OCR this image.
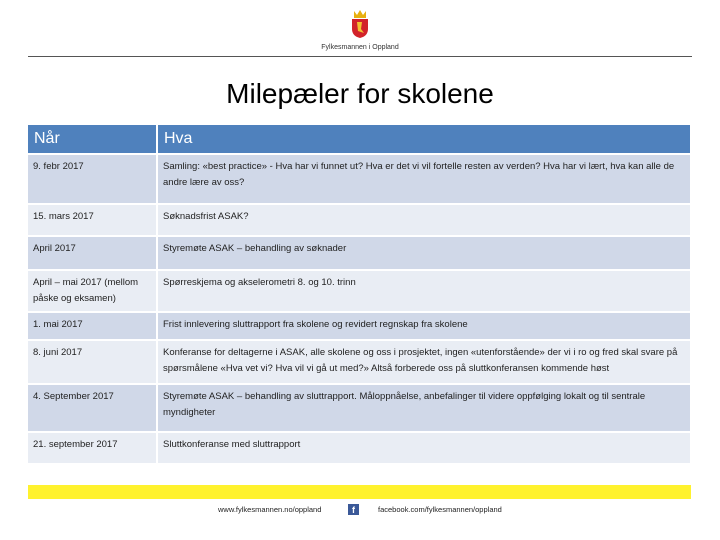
Fylkesmannen i Oppland
Milepæler for skolene
Når	Hva
9. febr 2017	Samling: «best practice» - Hva har vi funnet ut? Hva er det vi vil fortelle resten av verden? Hva har vi lært, hva kan alle de andre lære av oss?
15. mars 2017	Søknadsfrist ASAK?
April 2017	Styremøte ASAK – behandling av søknader
April – mai 2017 (mellom påske og eksamen)	Spørreskjema og akselerometri 8. og 10. trinn
1. mai 2017	Frist innlevering sluttrapport fra skolene og revidert regnskap fra skolene
8. juni 2017	Konferanse for deltagerne i ASAK, alle skolene og oss i prosjektet, ingen «utenforstående» der vi i ro og fred skal svare på spørsmålene «Hva vet vi? Hva vil vi gå ut med?» Altså forberede oss på sluttkonferansen kommende høst
4. September 2017	Styremøte ASAK – behandling av sluttrapport. Måloppnåelse, anbefalinger til videre oppfølging lokalt og til sentrale myndigheter
21. september 2017	Sluttkonferanse med sluttrapport
www.fylkesmannen.no/oppland	f	facebook.com/fylkesmannen/oppland
